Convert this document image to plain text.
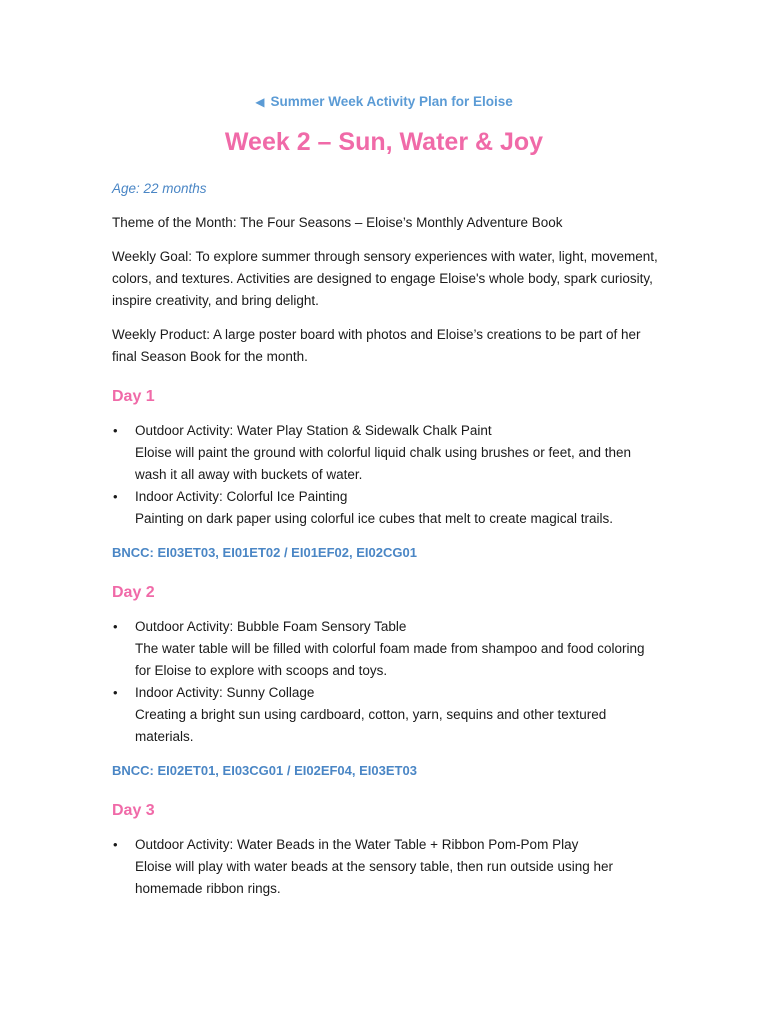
◀ Summer Week Activity Plan for Eloise
Week 2 – Sun, Water & Joy

Age: 22 months

Theme of the Month: The Four Seasons – Eloise’s Monthly Adventure Book

Weekly Goal: To explore summer through sensory experiences with water, light, movement, colors, and textures. Activities are designed to engage Eloise's whole body, spark curiosity, inspire creativity, and bring delight.

Weekly Product: A large poster board with photos and Eloise’s creations to be part of her final Season Book for the month.

Day 1
• Outdoor Activity: Water Play Station & Sidewalk Chalk Paint
Eloise will paint the ground with colorful liquid chalk using brushes or feet, and then wash it all away with buckets of water.
• Indoor Activity: Colorful Ice Painting
Painting on dark paper using colorful ice cubes that melt to create magical trails.

BNCC: EI03ET03, EI01ET02 / EI01EF02, EI02CG01

Day 2
• Outdoor Activity: Bubble Foam Sensory Table
The water table will be filled with colorful foam made from shampoo and food coloring for Eloise to explore with scoops and toys.
• Indoor Activity: Sunny Collage
Creating a bright sun using cardboard, cotton, yarn, sequins and other textured materials.

BNCC: EI02ET01, EI03CG01 / EI02EF04, EI03ET03

Day 3
• Outdoor Activity: Water Beads in the Water Table + Ribbon Pom-Pom Play
Eloise will play with water beads at the sensory table, then run outside using her homemade ribbon rings.
